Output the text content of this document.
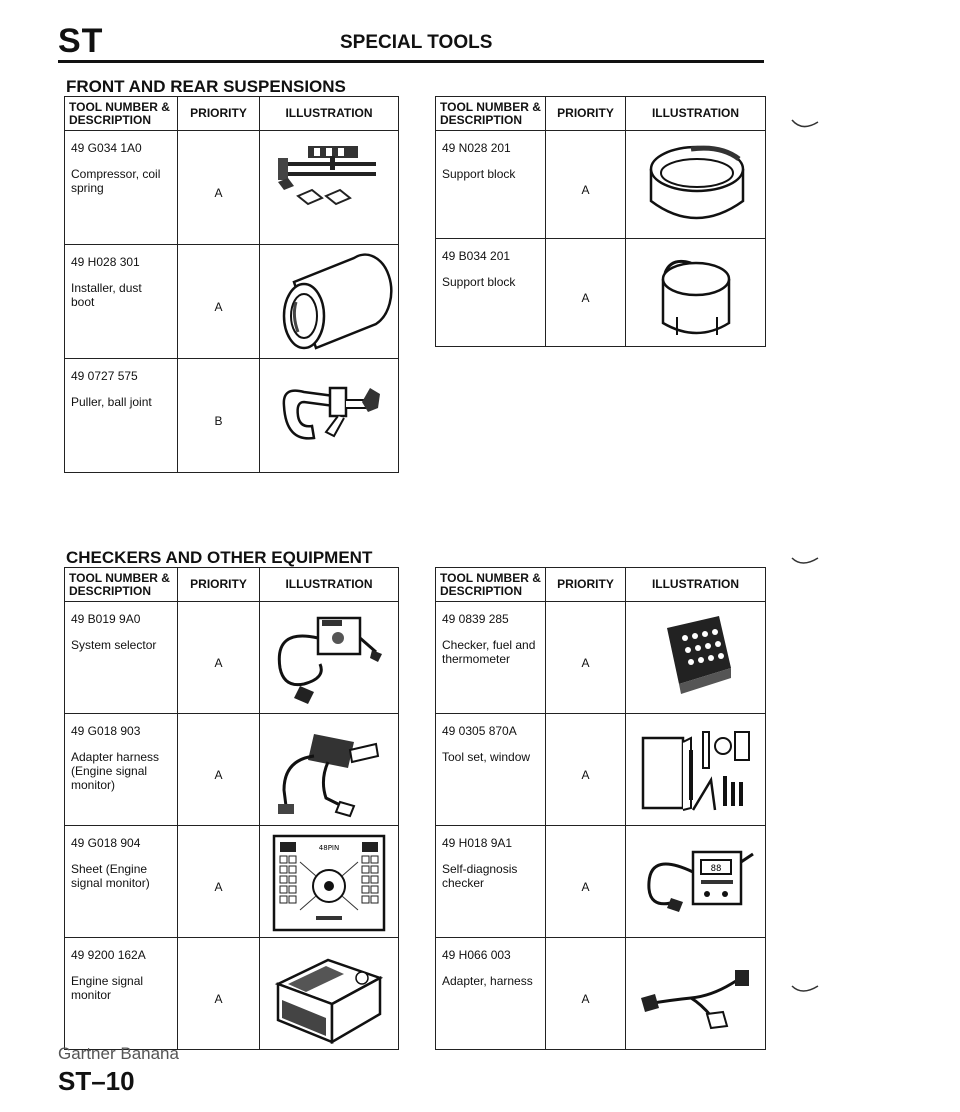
ST	SPECIAL TOOLS
FRONT AND REAR SUSPENSIONS
CHECKERS AND OTHER EQUIPMENT
TOOL NUMBER &
DESCRIPTION	PRIORITY	ILLUSTRATION

49 G034 1A0
Compressor, coil
spring	A	

49 H028 301
Installer, dust
boot	A	

49 0727 575
Puller, ball joint	B	
TOOL NUMBER &
DESCRIPTION	PRIORITY	ILLUSTRATION

49 N028 201
Support block	A	

49 B034 201
Support block	A	
TOOL NUMBER &
DESCRIPTION	PRIORITY	ILLUSTRATION

49 B019 9A0
System selector	A	

49 G018 903
Adapter harness
(Engine signal
monitor)	A	

49 G018 904
Sheet (Engine
signal monitor)	A	48PIN

49 9200 162A
Engine signal
monitor	A	
TOOL NUMBER &
DESCRIPTION	PRIORITY	ILLUSTRATION

49 0839 285
Checker, fuel and
thermometer	A	

49 0305 870A
Tool set, window	A	

49 H018 9A1
Self-diagnosis
checker	A	88

49 H066 003
Adapter, harness	A	
Gartner Banana
ST–10
